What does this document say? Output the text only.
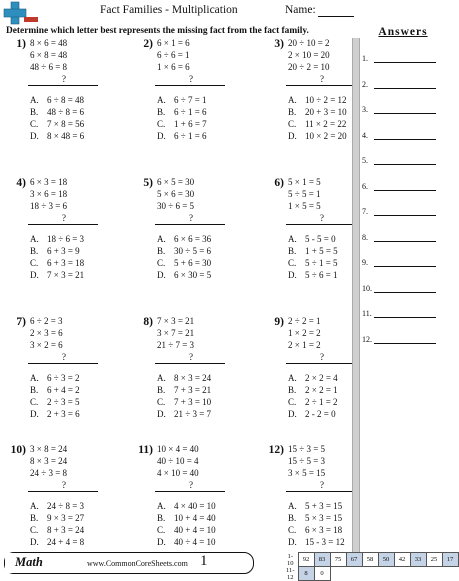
Fact Families - Multiplication	Name:
Determine which letter best represents the missing fact from the fact family.
1) 8 × 6 = 48
6 × 8 = 48
48 ÷ 6 = 8
?
A. 6 ÷ 8 = 48
B. 48 ÷ 8 = 6
C. 7 × 8 = 56
D. 8 × 48 = 6
2) 6 × 1 = 6
6 ÷ 6 = 1
1 × 6 = 6
?
A. 6 ÷ 7 = 1
B. 6 ÷ 1 = 6
C. 1 + 6 = 7
D. 6 ÷ 1 = 6
3) 20 ÷ 10 = 2
2 × 10 = 20
20 ÷ 2 = 10
?
A. 10 ÷ 2 = 12
B. 20 + 3 = 10
C. 11 × 2 = 22
D. 10 × 2 = 20
4) 6 × 3 = 18
3 × 6 = 18
18 ÷ 3 = 6
?
A. 18 ÷ 6 = 3
B. 6 + 3 = 9
C. 6 + 3 = 18
D. 7 × 3 = 21
5) 6 × 5 = 30
5 × 6 = 30
30 ÷ 6 = 5
?
A. 6 × 6 = 36
B. 30 ÷ 5 = 6
C. 5 + 6 = 30
D. 6 × 30 = 5
6) 5 × 1 = 5
5 ÷ 5 = 1
1 × 5 = 5
?
A. 5 - 5 = 0
B. 1 + 5 = 5
C. 5 ÷ 1 = 5
D. 5 ÷ 6 = 1
7) 6 ÷ 2 = 3
2 × 3 = 6
3 × 2 = 6
?
A. 6 ÷ 3 = 2
B. 6 + 4 = 2
C. 2 ÷ 3 = 5
D. 2 + 3 = 6
8) 7 × 3 = 21
3 × 7 = 21
21 ÷ 7 = 3
?
A. 8 × 3 = 24
B. 7 + 3 = 21
C. 7 + 3 = 10
D. 21 ÷ 3 = 7
9) 2 ÷ 2 = 1
1 × 2 = 2
2 × 1 = 2
?
A. 2 × 2 = 4
B. 2 × 2 = 1
C. 2 ÷ 1 = 2
D. 2 - 2 = 0
10) 3 × 8 = 24
8 × 3 = 24
24 ÷ 3 = 8
?
A. 24 ÷ 8 = 3
B. 9 × 3 = 27
C. 8 + 3 = 24
D. 24 + 4 = 8
11) 10 × 4 = 40
40 ÷ 10 = 4
4 × 10 = 40
?
A. 4 × 40 = 10
B. 10 + 4 = 40
C. 40 + 4 = 10
D. 40 ÷ 4 = 10
12) 15 ÷ 3 = 5
15 ÷ 5 = 3
3 × 5 = 15
?
A. 5 + 3 = 15
B. 5 × 3 = 15
C. 6 × 3 = 18
D. 15 - 3 = 12
Answers
1.
2.
3.
4.
5.
6.
7.
8.
9.
10.
11.
12.
Math	www.CommonCoreSheets.com 1	1-10	92	83	75	67	58	50	42	33	25	17
11-12	8	0								
